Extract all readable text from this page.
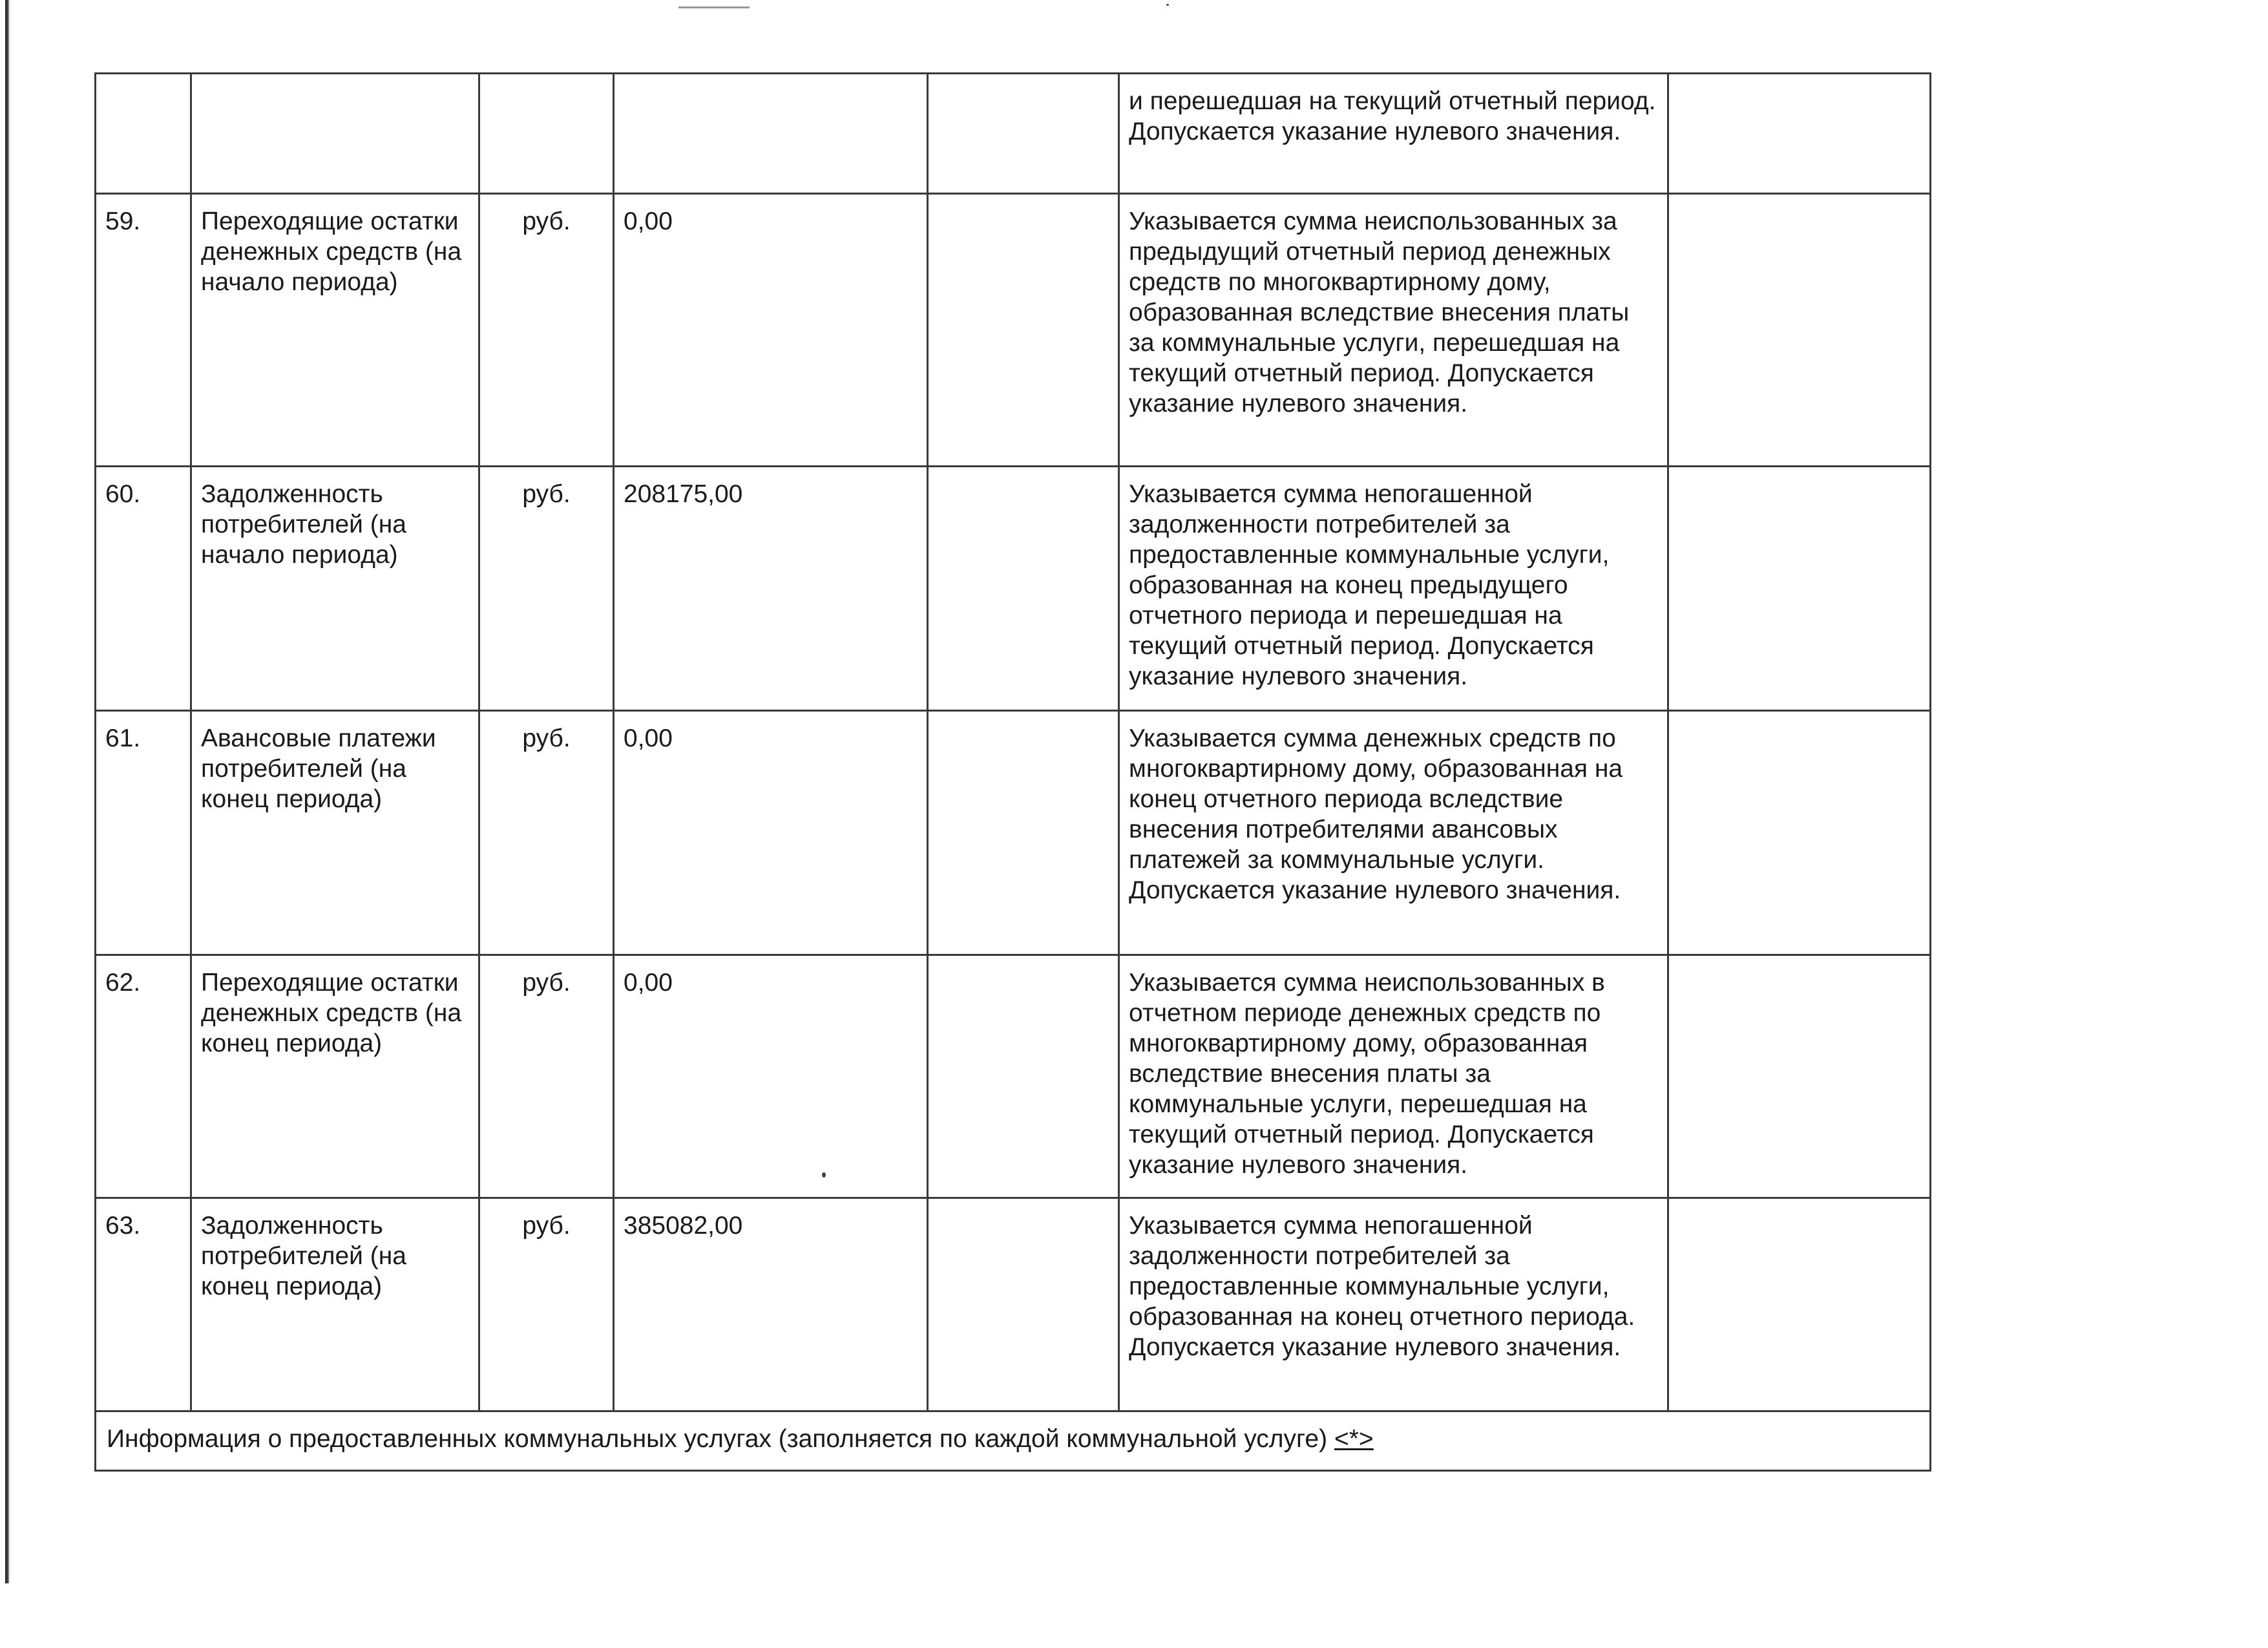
					и перешедшая на текущий отчетный период. Допускается указание нулевого значения.	
59.	Переходящие остатки денежных средств (на начало периода)	руб.	0,00		Указывается сумма неиспользованных за предыдущий отчетный период денежных средств по многоквартирному дому, образованная вследствие внесения платы за коммунальные услуги, перешедшая на текущий отчетный период. Допускается указание нулевого значения.	
60.	Задолженность потребителей (на начало периода)	руб.	208175,00		Указывается сумма непогашенной задолженности потребителей за предоставленные коммунальные услуги, образованная на конец предыдущего отчетного периода и перешедшая на текущий отчетный период. Допускается указание нулевого значения.	
61.	Авансовые платежи потребителей (на конец периода)	руб.	0,00		Указывается сумма денежных средств по многоквартирному дому, образованная на конец отчетного периода вследствие внесения потребителями авансовых платежей за коммунальные услуги. Допускается указание нулевого значения.	
62.	Переходящие остатки денежных средств (на конец периода)	руб.	0,00		Указывается сумма неиспользованных в отчетном периоде денежных средств по многоквартирному дому, образованная вследствие внесения платы за коммунальные услуги, перешедшая на текущий отчетный период. Допускается указание нулевого значения.	
63.	Задолженность потребителей (на конец периода)	руб.	385082,00		Указывается сумма непогашенной задолженности потребителей за предоставленные коммунальные услуги, образованная на конец отчетного периода. Допускается указание нулевого значения.	
Информация о предоставленных коммунальных услугах (заполняется по каждой коммунальной услуге) <*>						
